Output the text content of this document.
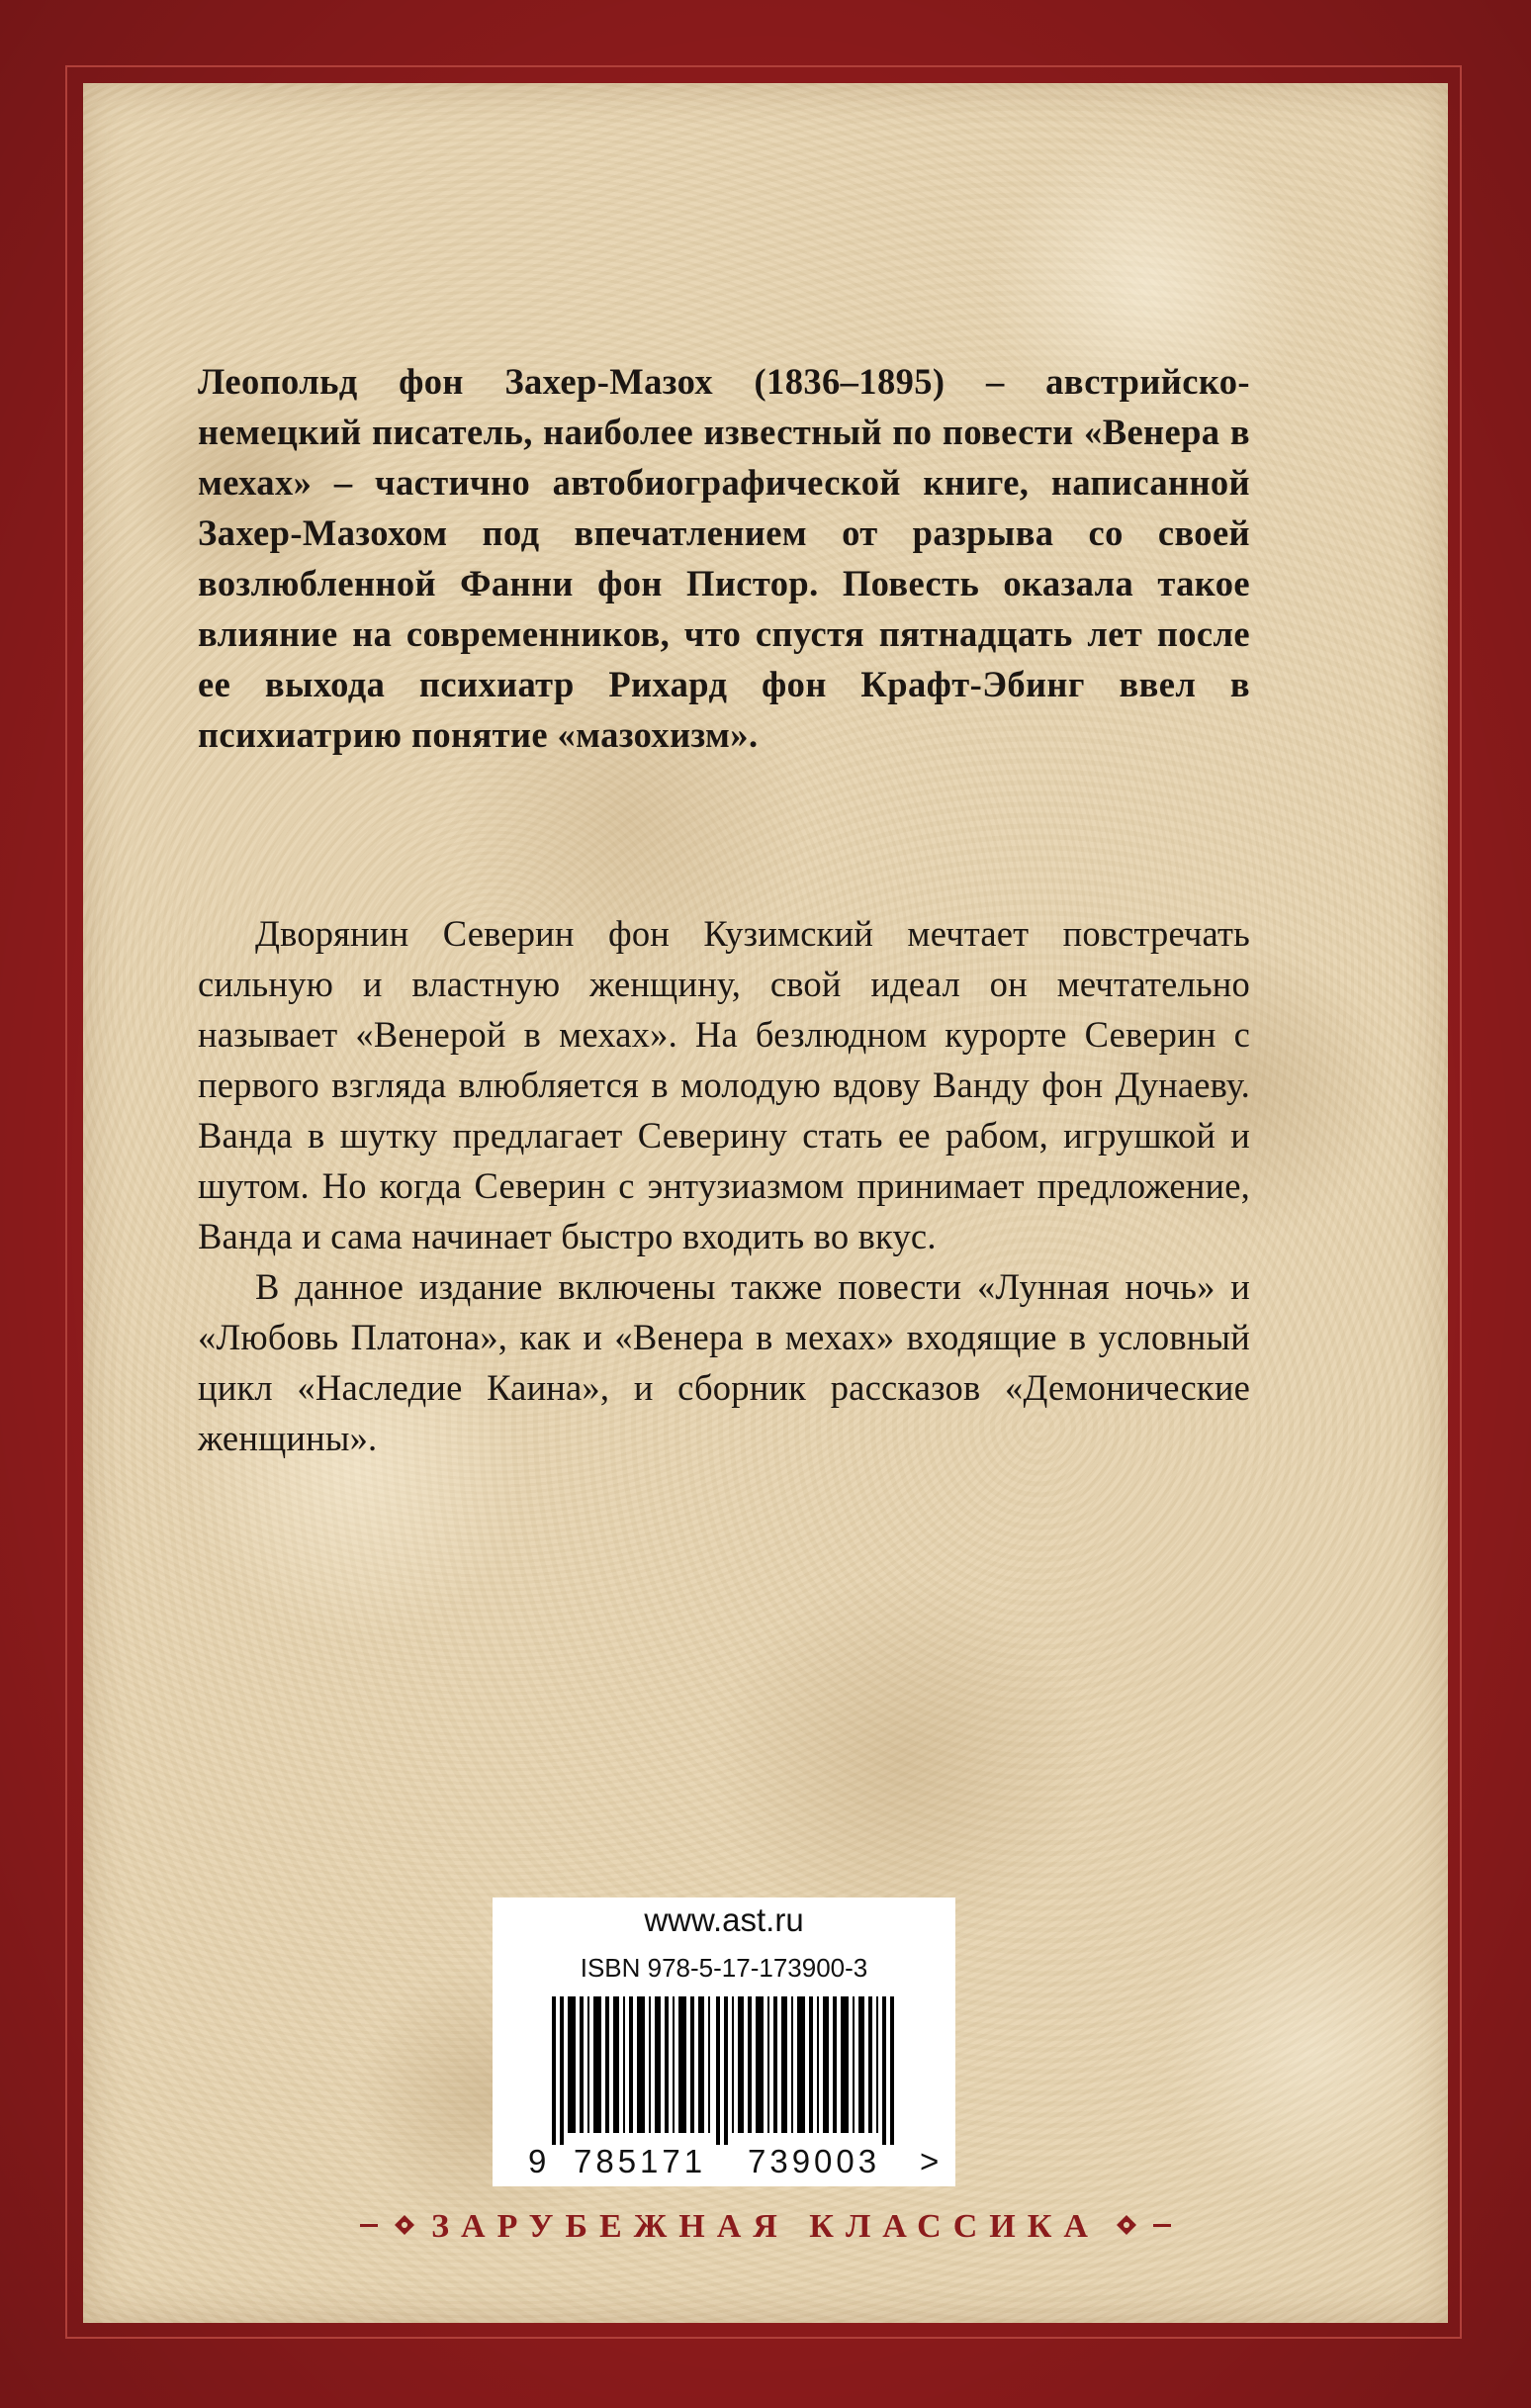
Леопольд фон Захер-Мазох (1836–1895) – австрийско-немецкий писатель, наиболее известный по повести «Венера в мехах» – частично автобиографической книге, написанной Захер-Мазохом под впечатлением от разрыва со своей возлюбленной Фанни фон Пистор. Повесть оказала такое влияние на современников, что спустя пятнадцать лет после ее выхода психиатр Рихард фон Крафт-Эбинг ввел в психиатрию понятие «мазохизм».

Дворянин Северин фон Кузимский мечтает повстречать сильную и властную женщину, свой идеал он мечтательно называет «Венерой в мехах». На безлюдном курорте Северин с первого взгляда влюбляется в молодую вдову Ванду фон Дунаеву. Ванда в шутку предлагает Северину стать ее рабом, игрушкой и шутом. Но когда Северин с энтузиазмом принимает предложение, Ванда и сама начинает быстро входить во вкус.

В данное издание включены также повести «Лунная ночь» и «Любовь Платона», как и «Венера в мехах» входящие в условный цикл «Наследие Каина», и сборник рассказов «Демонические женщины».

www.ast.ru
ISBN 978-5-17-173900-3
9 785171 739003 >
ЗАРУБЕЖНАЯ КЛАССИКА
